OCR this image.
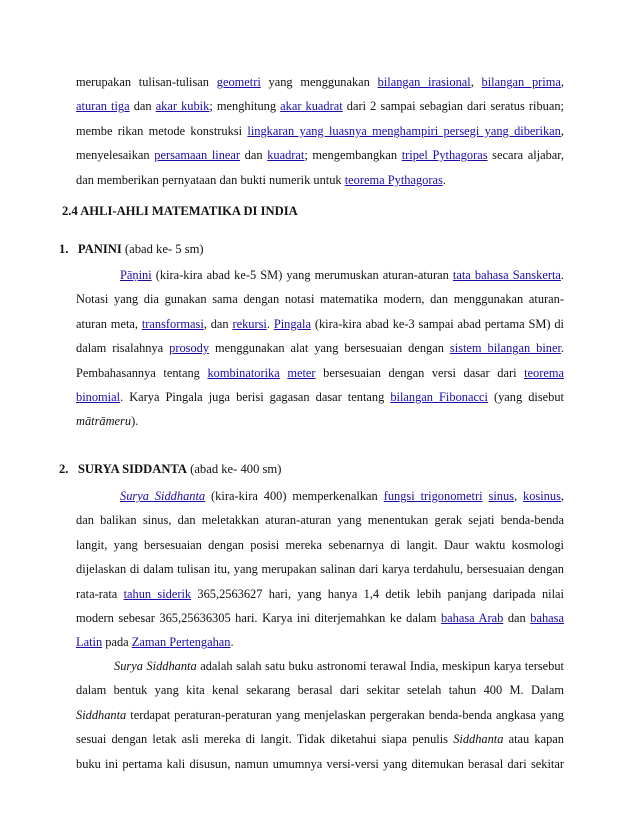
merupakan tulisan-tulisan geometri yang menggunakan bilangan irasional, bilangan prima,
aturan tiga dan akar kubik; menghitung akar kuadrat dari 2 sampai sebagian dari seratus ribuan;
membe rikan metode konstruksi lingkaran yang luasnya menghampiri persegi yang diberikan,
menyelesaikan persamaan linear dan kuadrat; mengembangkan tripel Pythagoras secara aljabar,
dan memberikan pernyataan dan bukti numerik untuk teorema Pythagoras.
2.4 AHLI-AHLI MATEMATIKA DI INDIA
1. PANINI (abad ke- 5 sm)
Pāṇini (kira-kira abad ke-5 SM) yang merumuskan aturan-aturan tata bahasa Sanskerta.
Notasi yang dia gunakan sama dengan notasi matematika modern, dan menggunakan aturan-
aturan meta, transformasi, dan rekursi. Pingala (kira-kira abad ke-3 sampai abad pertama SM) di
dalam risalahnya prosody menggunakan alat yang bersesuaian dengan sistem bilangan biner.
Pembahasannya tentang kombinatorika meter bersesuaian dengan versi dasar dari teorema
binomial. Karya Pingala juga berisi gagasan dasar tentang bilangan Fibonacci (yang disebut
mātrāmeru).
2. SURYA SIDDANTA (abad ke- 400 sm)
Surya Siddhanta (kira-kira 400) memperkenalkan fungsi trigonometri sinus, kosinus,
dan balikan sinus, dan meletakkan aturan-aturan yang menentukan gerak sejati benda-benda
langit, yang bersesuaian dengan posisi mereka sebenarnya di langit. Daur waktu kosmologi
dijelaskan di dalam tulisan itu, yang merupakan salinan dari karya terdahulu, bersesuaian dengan
rata-rata tahun siderik 365,2563627 hari, yang hanya 1,4 detik lebih panjang daripada nilai
modern sebesar 365,25636305 hari. Karya ini diterjemahkan ke dalam bahasa Arab dan bahasa
Latin pada Zaman Pertengahan.
Surya Siddhanta adalah salah satu buku astronomi terawal India, meskipun karya tersebut
dalam bentuk yang kita kenal sekarang berasal dari sekitar setelah tahun 400 M. Dalam
Siddhanta terdapat peraturan-peraturan yang menjelaskan pergerakan benda-benda angkasa yang
sesuai dengan letak asli mereka di langit. Tidak diketahui siapa penulis Siddhanta atau kapan
buku ini pertama kali disusun, namun umumnya versi-versi yang ditemukan berasal dari sekitar
